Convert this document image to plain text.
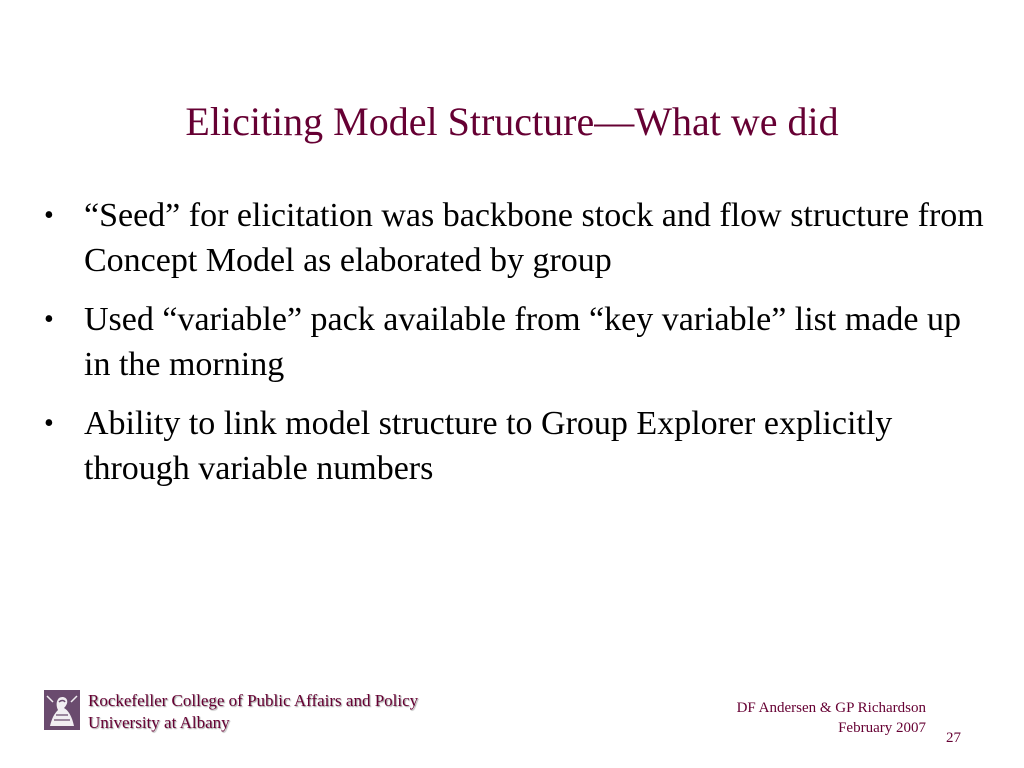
Eliciting Model Structure—What we did
• “Seed” for elicitation was backbone stock and flow structure from Concept Model as elaborated by group
• Used “variable” pack available from “key variable” list made up in the morning
• Ability to link model structure to Group Explorer explicitly through variable numbers
Rockefeller College of Public Affairs and Policy
University at Albany
DF Andersen & GP Richardson
February 2007
27
